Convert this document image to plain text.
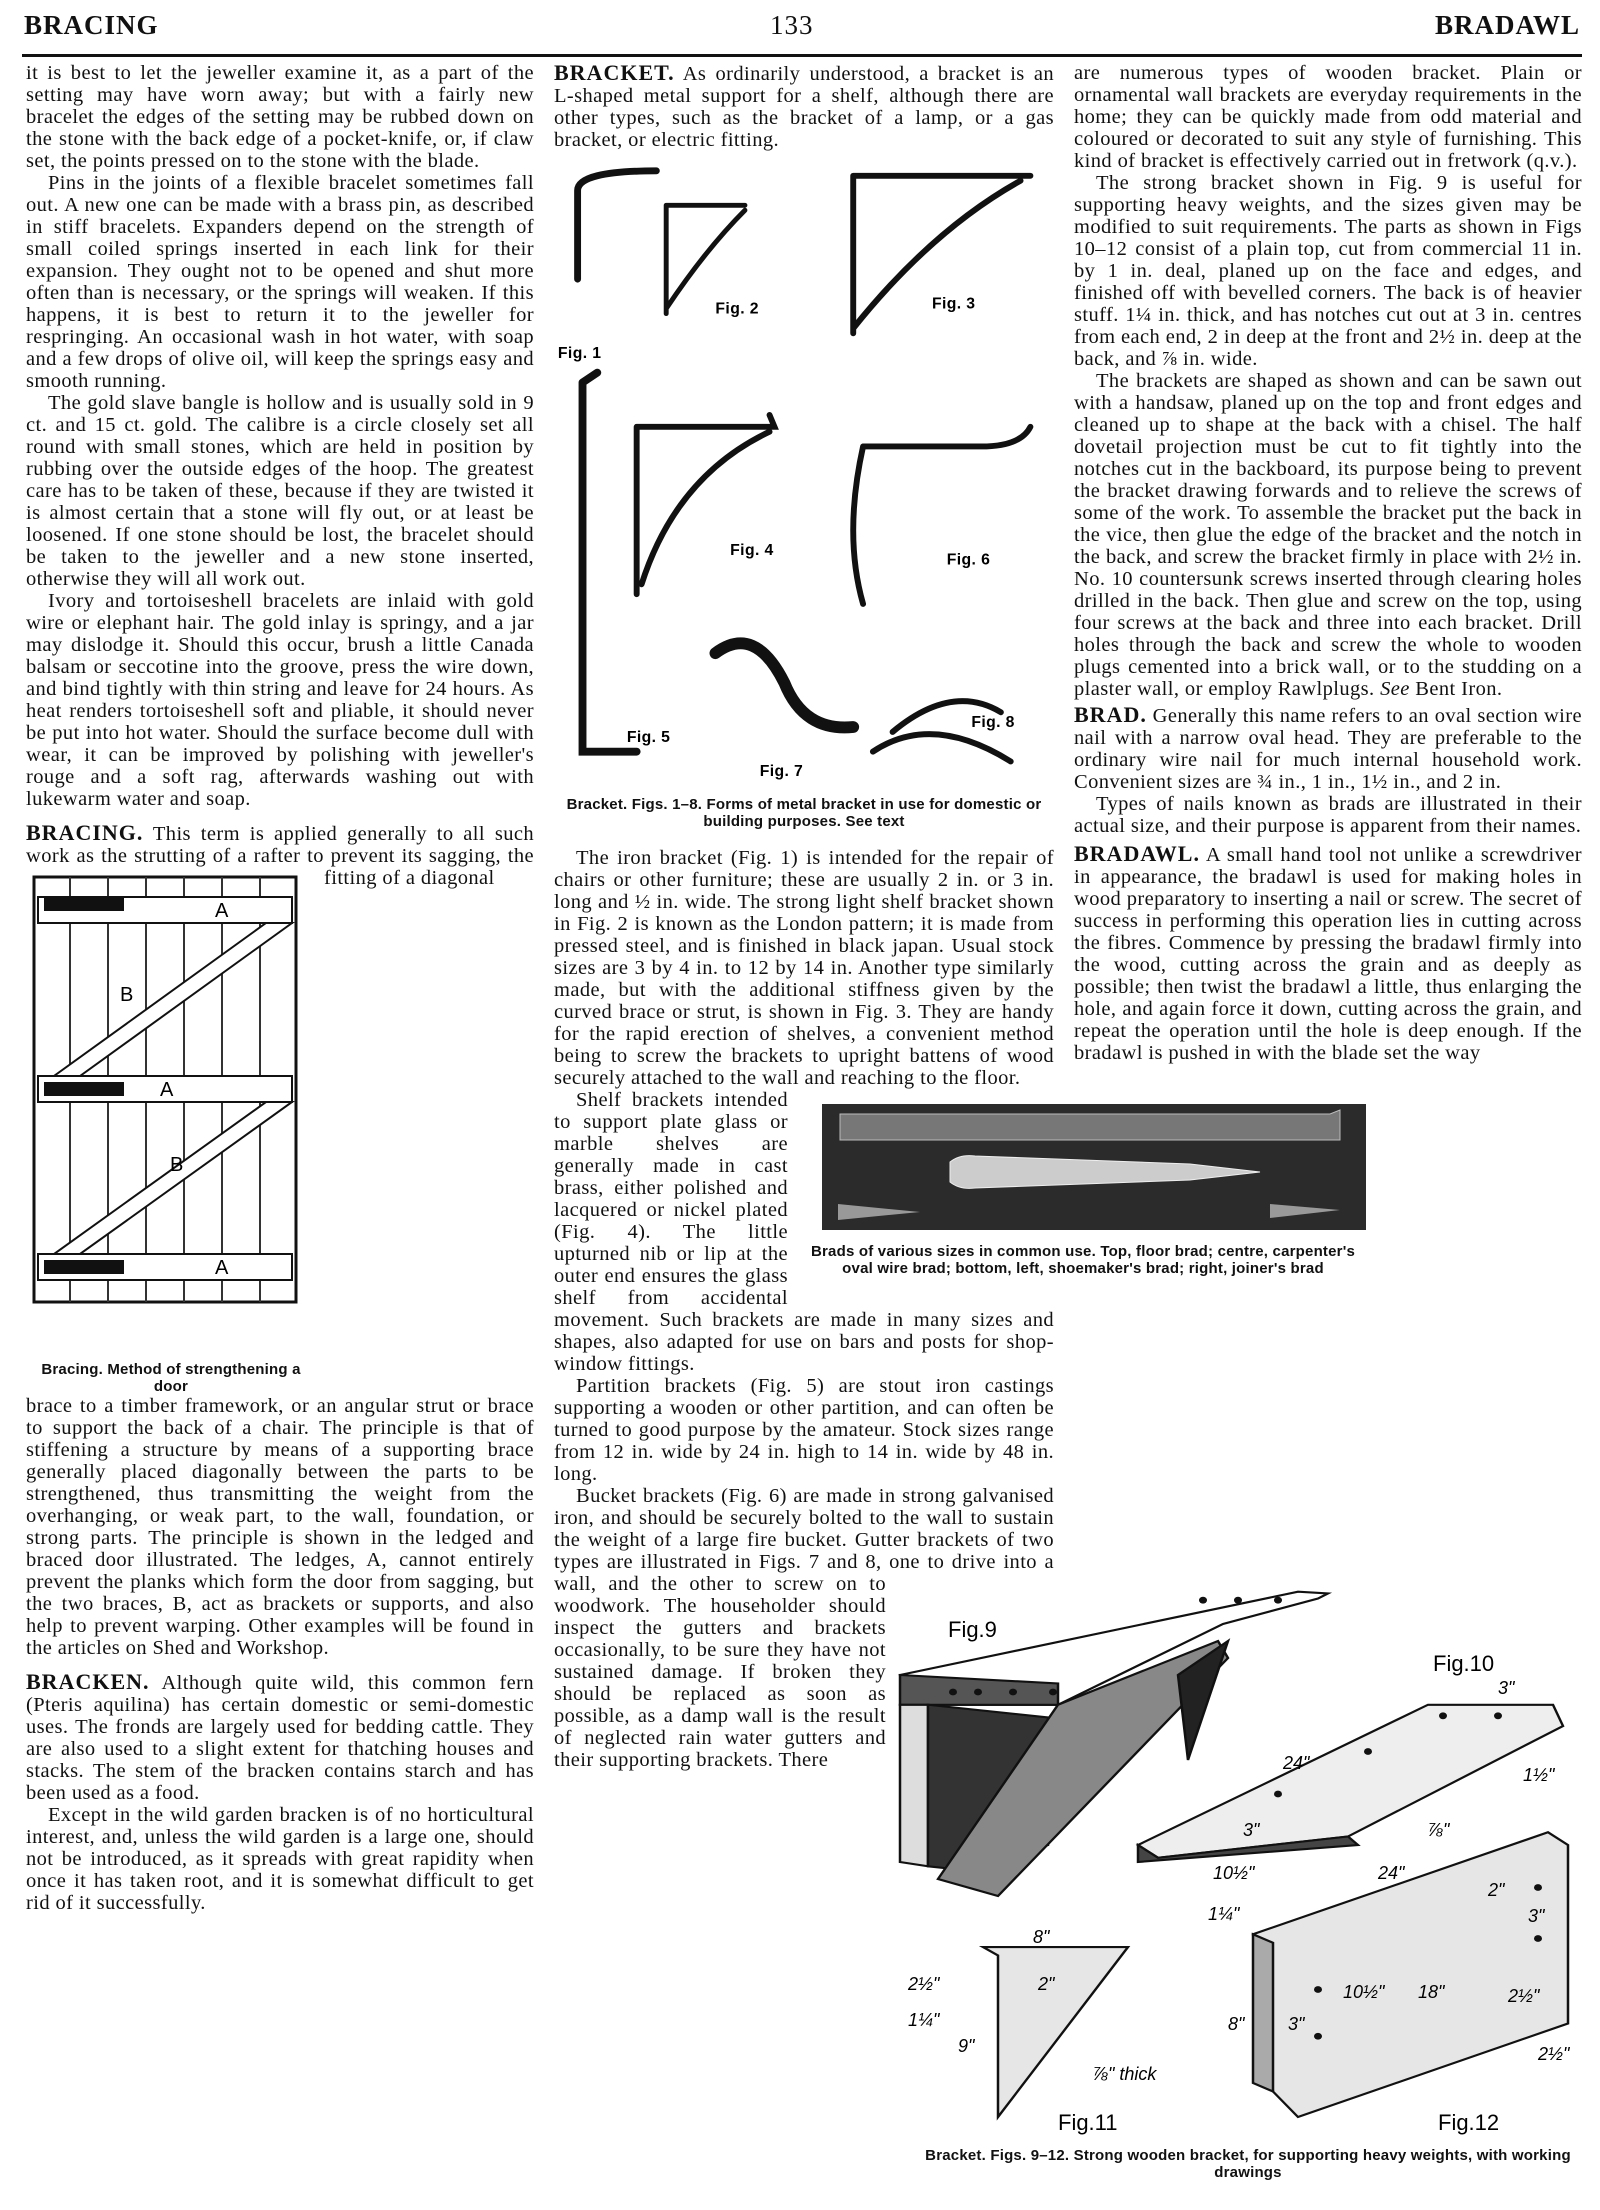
BRACING	133	BRADAWL

it is best to let the jeweller examine it, as a part of the setting may have worn away; but with a fairly new bracelet the edges of the setting may be rubbed down on the stone with the back edge of a pocket-knife, or, if claw set, the points pressed on to the stone with the blade.

Pins in the joints of a flexible bracelet sometimes fall out. A new one can be made with a brass pin, as described in stiff bracelets. Expanders depend on the strength of small coiled springs inserted in each link for their expansion. They ought not to be opened and shut more often than is necessary, or the springs will weaken. If this happens, it is best to return it to the jeweller for respringing. An occasional wash in hot water, with soap and a few drops of olive oil, will keep the springs easy and smooth running.

The gold slave bangle is hollow and is usually sold in 9 ct. and 15 ct. gold. The calibre is a circle closely set all round with small stones, which are held in position by rubbing over the outside edges of the hoop. The greatest care has to be taken of these, because if they are twisted it is almost certain that a stone will fly out, or at least be loosened. If one stone should be lost, the bracelet should be taken to the jeweller and a new stone inserted, otherwise they will all work out.

Ivory and tortoiseshell bracelets are inlaid with gold wire or elephant hair. The gold inlay is springy, and a jar may dislodge it. Should this occur, brush a little Canada balsam or seccotine into the groove, press the wire down, and bind tightly with thin string and leave for 24 hours. As heat renders tortoiseshell soft and pliable, it should never be put into hot water. Should the surface become dull with wear, it can be improved by polishing with jeweller's rouge and a soft rag, afterwards washing out with lukewarm water and soap.

BRACING. This term is applied generally to all such work as the strutting of a rafter to prevent its sagging, the fitting of a diagonal
A
B
A
B
A

Bracing. Method of strengthening a door
brace to a timber framework, or an angular strut or brace to support the back of a chair. The principle is that of stiffening a structure by means of a supporting brace generally placed diagonally between the parts to be strengthened, thus transmitting the weight from the overhanging, or weak part, to the wall, foundation, or strong parts. The principle is shown in the ledged and braced door illustrated. The ledges, A, cannot entirely prevent the planks which form the door from sagging, but the two braces, B, act as brackets or supports, and also help to prevent warping. Other examples will be found in the articles on Shed and Workshop.

BRACKEN. Although quite wild, this common fern (Pteris aquilina) has certain domestic or semi-domestic uses. The fronds are largely used for bedding cattle. They are also used to a slight extent for thatching houses and stacks. The stem of the bracken contains starch and has been used as a food.

Except in the wild garden bracken is of no horticultural interest, and, unless the wild garden is a large one, should not be introduced, as it spreads with great rapidity when once it has taken root, and it is somewhat difficult to get rid of it successfully.

BRACKET. As ordinarily understood, a bracket is an L-shaped metal support for a shelf, although there are other types, such as the bracket of a lamp, or a gas bracket, or electric fitting.

Fig. 1
Fig. 2	Fig. 3
Fig. 4
Fig. 5
Fig. 6
Fig. 7
Fig. 8
Bracket. Figs. 1–8. Forms of metal bracket in use for domestic or building purposes. See text

The iron bracket (Fig. 1) is intended for the repair of chairs or other furniture; these are usually 2 in. or 3 in. long and ½ in. wide. The strong light shelf bracket shown in Fig. 2 is known as the London pattern; it is made from pressed steel, and is finished in black japan. Usual stock sizes are 3 by 4 in. to 12 by 14 in. Another type similarly made, but with the additional stiffness given by the curved brace or strut, is shown in Fig. 3. They are handy for the rapid erection of shelves, a convenient method being to screw the brackets to upright battens of wood securely attached to the wall and reaching to the floor.

Shelf brackets intended to support plate glass or marble shelves are generally made in cast brass, either polished and lacquered or nickel plated (Fig. 4). The little upturned nib or lip at the outer end ensures the glass shelf from accidental movement. Such brackets are made in many sizes and shapes, also adapted for use on bars and posts for shop-window fittings.

Partition brackets (Fig. 5) are stout iron castings supporting a wooden or other partition, and can often be turned to good purpose by the amateur. Stock sizes range from 12 in. wide by 24 in. high to 14 in. wide by 48 in. long.

Bucket brackets (Fig. 6) are made in strong galvanised iron, and should be securely bolted to the wall to sustain the weight of a large fire bucket. Gutter brackets of two types are illustrated in Figs. 7 and 8, one to drive into a wall, and the other to screw on to woodwork. The householder should inspect the gutters and brackets occasionally, to be sure they have not sustained damage. If broken they should be replaced as soon as possible, as a damp wall is the result of neglected rain water gutters and their supporting brackets. There

are numerous types of wooden bracket. Plain or ornamental wall brackets are everyday requirements in the home; they can be quickly made from odd material and coloured or decorated to suit any style of furnishing. This kind of bracket is effectively carried out in fretwork (q.v.).

The strong bracket shown in Fig. 9 is useful for supporting heavy weights, and the sizes given may be modified to suit requirements. The parts as shown in Figs 10–12 consist of a plain top, cut from commercial 11 in. by 1 in. deal, planed up on the face and edges, and finished off with bevelled corners. The back is of heavier stuff. 1¼ in. thick, and has notches cut out at 3 in. centres from each end, 2 in deep at the front and 2½ in. deep at the back, and ⅞ in. wide.

The brackets are shaped as shown and can be sawn out with a handsaw, planed up on the top and front edges and cleaned up to shape at the back with a chisel. The half dovetail projection must be cut to fit tightly into the notches cut in the backboard, its purpose being to prevent the bracket drawing forwards and to relieve the screws of some of the work. To assemble the bracket put the back in the vice, then glue the edge of the bracket and the notch in the back, and screw the bracket firmly in place with 2½ in. No. 10 countersunk screws inserted through clearing holes drilled in the back. Then glue and screw on the top, using four screws at the back and three into each bracket. Drill holes through the back and screw the whole to wooden plugs cemented into a brick wall, or to the studding on a plaster wall, or employ Rawlplugs. See Bent Iron.

BRAD. Generally this name refers to an oval section wire nail with a narrow oval head. They are preferable to the ordinary wire nail for much internal household work. Convenient sizes are ¾ in., 1 in., 1½ in., and 2 in.

Types of nails known as brads are illustrated in their actual size, and their purpose is apparent from their names.

BRADAWL. A small hand tool not unlike a screwdriver in appearance, the bradawl is used for making holes in wood preparatory to inserting a nail or screw. The secret of success in performing this operation lies in cutting across the fibres. Commence by pressing the bradawl firmly into the wood, cutting across the grain and as deeply as possible; then twist the bradawl a little, thus enlarging the hole, and again force it down, cutting across the grain, and repeat the operation until the hole is deep enough. If the bradawl is pushed in with the blade set the way

Brads of various sizes in common use. Top, floor brad; centre, carpenter's oval wire brad; bottom, left, shoemaker's brad; right, joiner's brad
Fig.9
Fig.10
Fig.11	Fig.12
24"
3"
1½"
⅞"
3"
10½"
8"
2½"	2"
1¼"
9"
⅞" thick
1¼"
24"
2"
3"
8" 3"
10½" 18"	2½"
2½"
Bracket. Figs. 9–12. Strong wooden bracket, for supporting heavy weights, with working drawings
